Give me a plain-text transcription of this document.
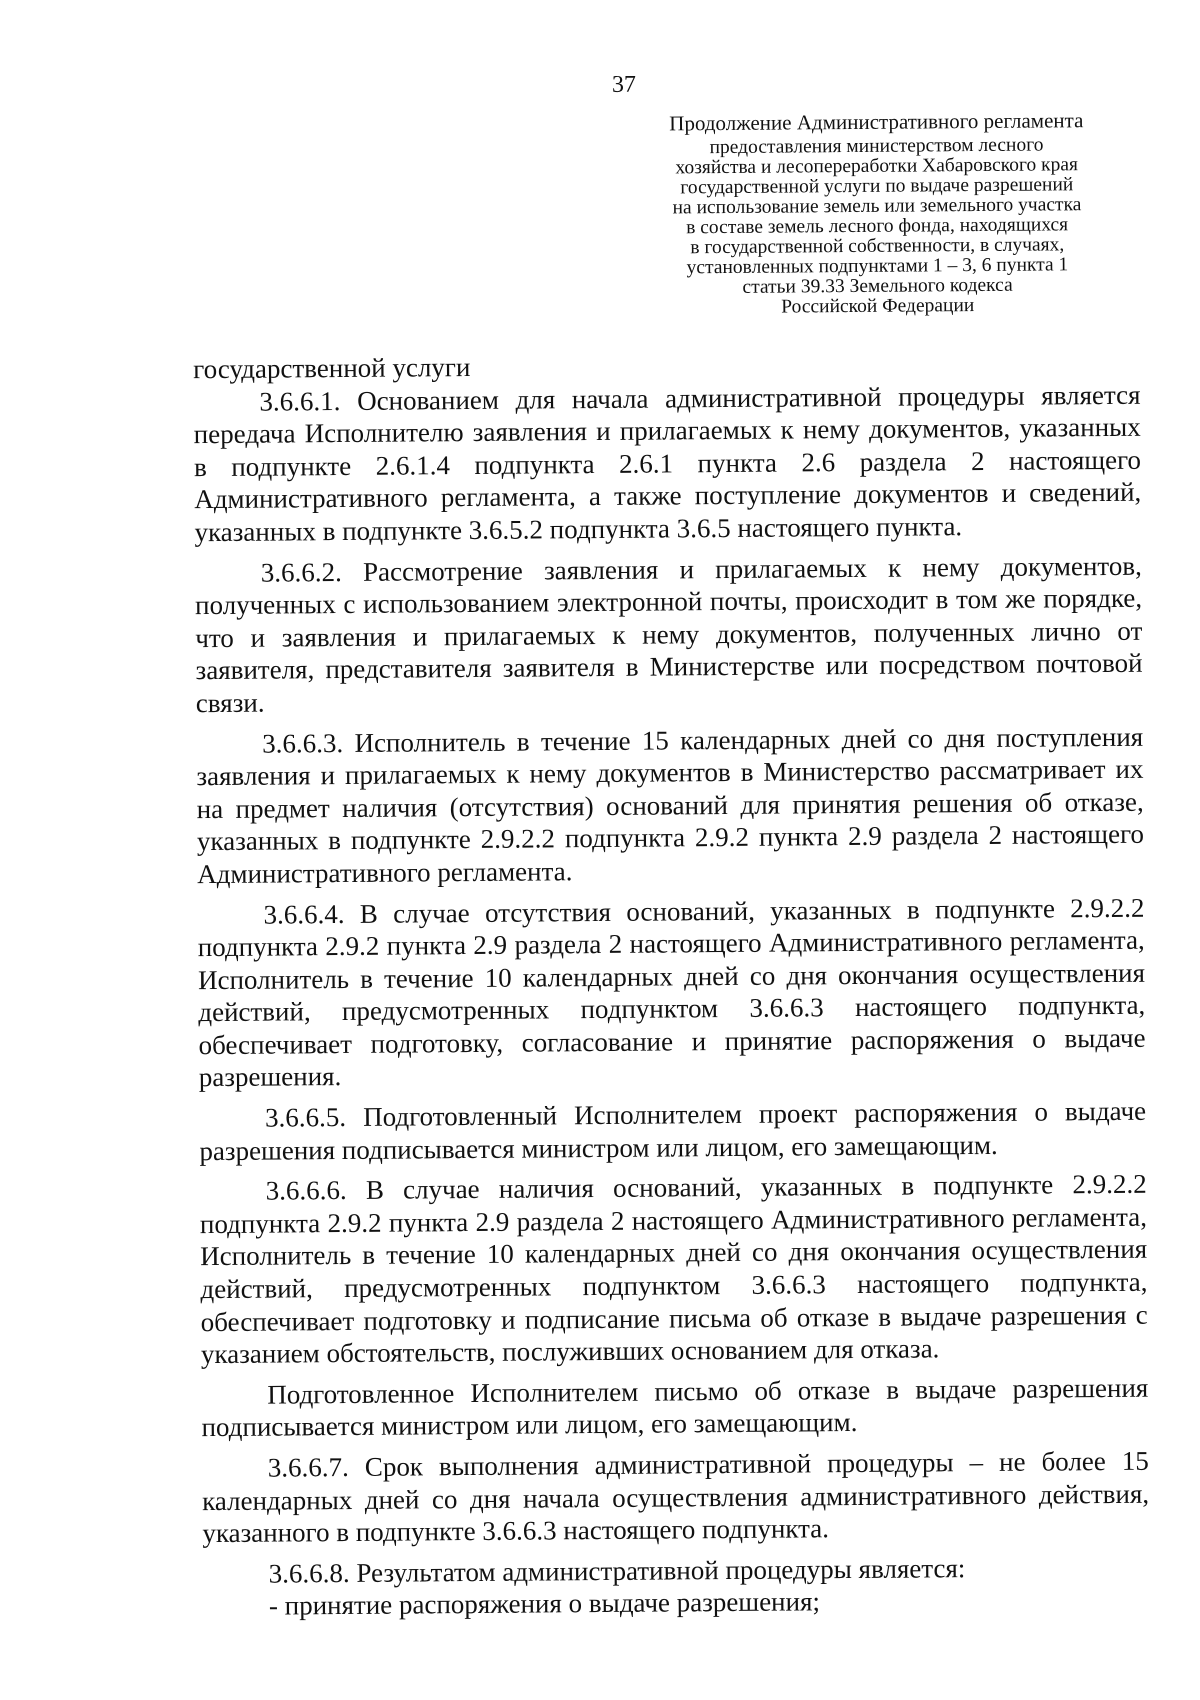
37
Продолжение Административного регламента
предоставления министерством лесного
хозяйства и лесопереработки Хабаровского края
государственной услуги по выдаче разрешений
на использование земель или земельного участка
в составе земель лесного фонда, находящихся
в государственной собственности, в случаях,
установленных подпунктами 1 – 3, 6 пункта 1
статьи 39.33 Земельного кодекса
Российской Федерации

государственной услуги

3.6.6.1. Основанием для начала административной процедуры является передача Исполнителю заявления и прилагаемых к нему документов, указанных в подпункте 2.6.1.4 подпункта 2.6.1 пункта 2.6 раздела 2 настоящего Административного регламента, а также поступление документов и сведений, указанных в подпункте 3.6.5.2 подпункта 3.6.5 настоящего пункта.

3.6.6.2. Рассмотрение заявления и прилагаемых к нему документов, полученных с использованием электронной почты, происходит в том же порядке, что и заявления и прилагаемых к нему документов, полученных лично от заявителя, представителя заявителя в Министерстве или посредством почтовой связи.

3.6.6.3. Исполнитель в течение 15 календарных дней со дня поступления заявления и прилагаемых к нему документов в Министерство рассматривает их на предмет наличия (отсутствия) оснований для принятия решения об отказе, указанных в подпункте 2.9.2.2 подпункта 2.9.2 пункта 2.9 раздела 2 настоящего Административного регламента.

3.6.6.4. В случае отсутствия оснований, указанных в подпункте 2.9.2.2 подпункта 2.9.2 пункта 2.9 раздела 2 настоящего Административного регламента, Исполнитель в течение 10 календарных дней со дня окончания осуществления действий, предусмотренных подпунктом 3.6.6.3 настоящего подпункта, обеспечивает подготовку, согласование и принятие распоряжения о выдаче разрешения.

3.6.6.5. Подготовленный Исполнителем проект распоряжения о выдаче разрешения подписывается министром или лицом, его замещающим.

3.6.6.6. В случае наличия оснований, указанных в подпункте 2.9.2.2 подпункта 2.9.2 пункта 2.9 раздела 2 настоящего Административного регламента, Исполнитель в течение 10 календарных дней со дня окончания осуществления действий, предусмотренных подпунктом 3.6.6.3 настоящего подпункта, обеспечивает подготовку и подписание письма об отказе в выдаче разрешения с указанием обстоятельств, послуживших основанием для отказа.

Подготовленное Исполнителем письмо об отказе в выдаче разрешения подписывается министром или лицом, его замещающим.

3.6.6.7. Срок выполнения административной процедуры – не более 15 календарных дней со дня начала осуществления административного действия, указанного в подпункте 3.6.6.3 настоящего подпункта.

3.6.6.8. Результатом административной процедуры является:

- принятие распоряжения о выдаче разрешения;
